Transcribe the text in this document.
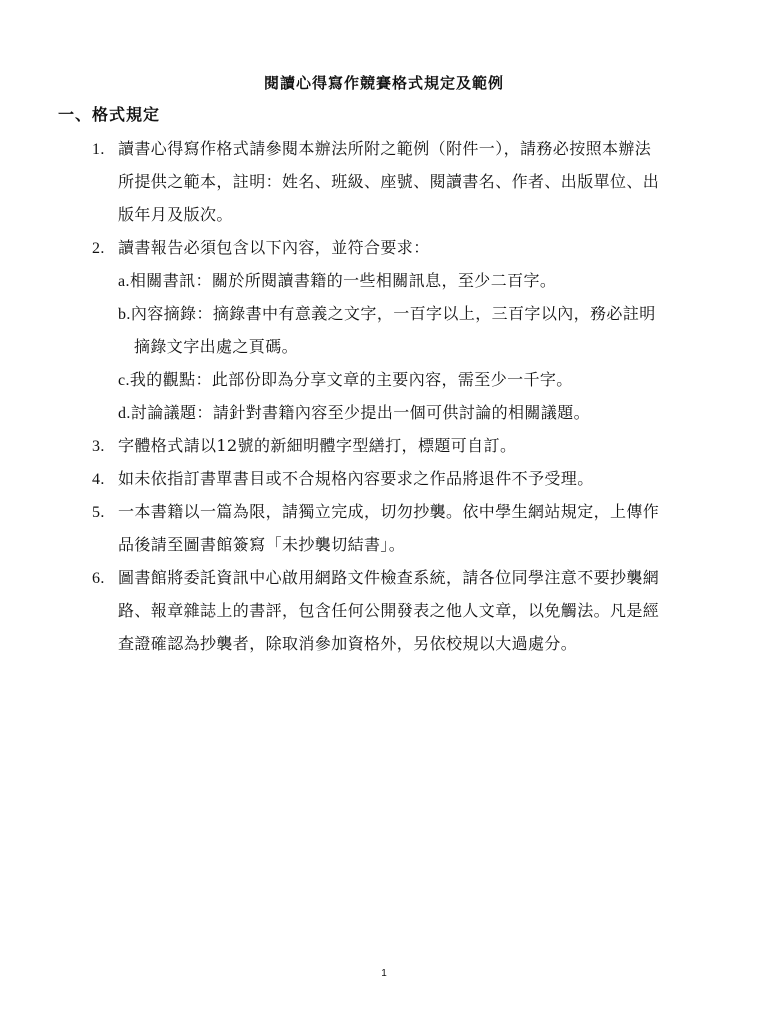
閱讀心得寫作競賽格式規定及範例
一、格式規定
1. 讀書心得寫作格式請參閱本辦法所附之範例（附件一），請務必按照本辦法
所提供之範本，註明：姓名、班級、座號、閱讀書名、作者、出版單位、出
版年月及版次。
2. 讀書報告必須包含以下內容，並符合要求：
a.相關書訊：關於所閱讀書籍的一些相關訊息，至少二百字。
b.內容摘錄：摘錄書中有意義之文字，一百字以上，三百字以內，務必註明
摘錄文字出處之頁碼。
c.我的觀點：此部份即為分享文章的主要內容，需至少一千字。
d.討論議題：請針對書籍內容至少提出一個可供討論的相關議題。
3. 字體格式請以12號的新細明體字型繕打，標題可自訂。
4. 如未依指訂書單書目或不合規格內容要求之作品將退件不予受理。
5. 一本書籍以一篇為限，請獨立完成，切勿抄襲。依中學生網站規定，上傳作
品後請至圖書館簽寫「未抄襲切結書」。
6. 圖書館將委託資訊中心啟用網路文件檢查系統，請各位同學注意不要抄襲網
路、報章雜誌上的書評，包含任何公開發表之他人文章，以免觸法。凡是經
查證確認為抄襲者，除取消參加資格外，另依校規以大過處分。
1
